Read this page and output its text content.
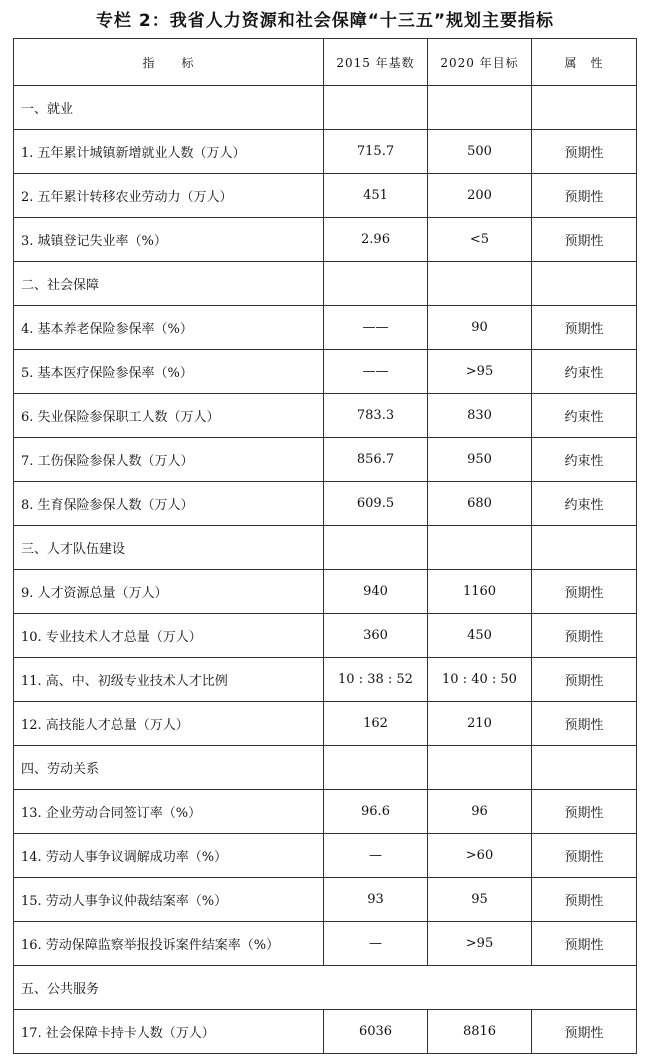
专栏 2：我省人力资源和社会保障“十三五”规划主要指标
指　　标	2015 年基数	2020 年目标	属　性
一、就业			
1. 五年累计城镇新增就业人数（万人）	715.7	500	预期性
2. 五年累计转移农业劳动力（万人）	451	200	预期性
3. 城镇登记失业率（%）	2.96	<5	预期性
二、社会保障			
4. 基本养老保险参保率（%）	——	90	预期性
5. 基本医疗保险参保率（%）	——	>95	约束性
6. 失业保险参保职工人数（万人）	783.3	830	约束性
7. 工伤保险参保人数（万人）	856.7	950	约束性
8. 生育保险参保人数（万人）	609.5	680	约束性
三、人才队伍建设			
9. 人才资源总量（万人）	940	1160	预期性
10. 专业技术人才总量（万人）	360	450	预期性
11. 高、中、初级专业技术人才比例	10 : 38 : 52	10 : 40 : 50	预期性
12. 高技能人才总量（万人）	162	210	预期性
四、劳动关系			
13. 企业劳动合同签订率（%）	96.6	96	预期性
14. 劳动人事争议调解成功率（%）	—	>60	预期性
15. 劳动人事争议仲裁结案率（%）	93	95	预期性
16. 劳动保障监察举报投诉案件结案率（%）	—	>95	预期性
五、公共服务			
17. 社会保障卡持卡人数（万人）	6036	8816	预期性
